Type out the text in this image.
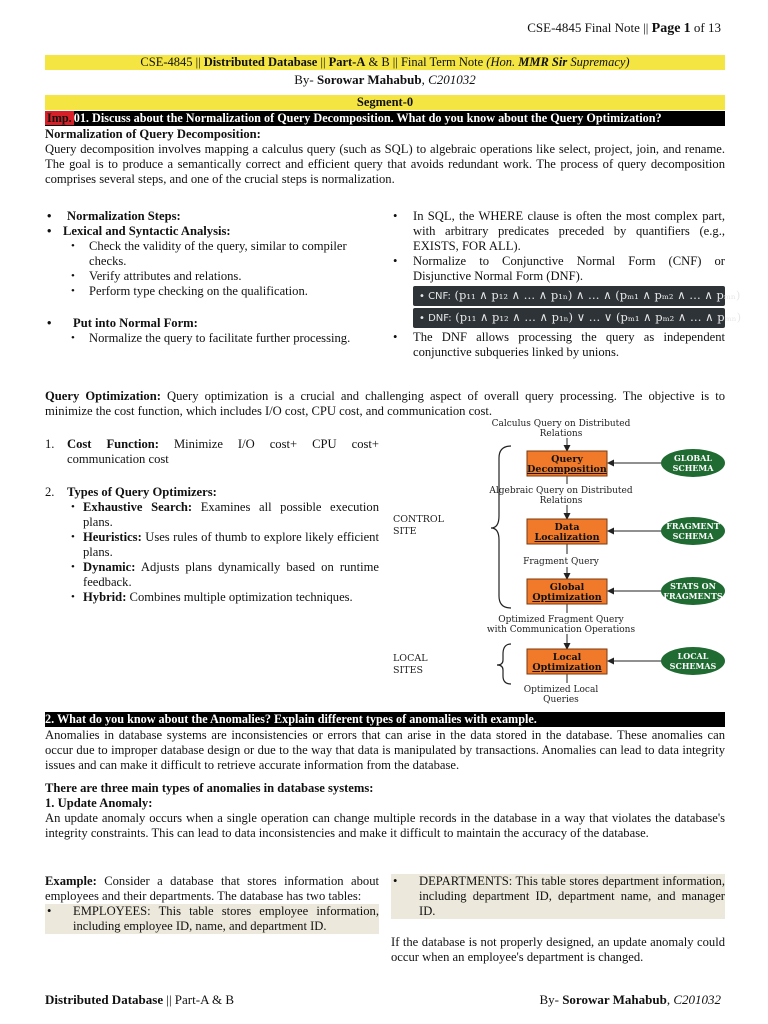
CSE-4845 Final Note || Page 1 of 13
CSE-4845 || Distributed Database || Part-A & B || Final Term Note (Hon. MMR Sir Supremacy)
By- Sorowar Mahabub, C201032
Segment-0
Imp. 01. Discuss about the Normalization of Query Decomposition. What do you know about the Query Optimization?
Normalization of Query Decomposition:
Query decomposition involves mapping a calculus query (such as SQL) to algebraic operations like select, project, join, and rename. The goal is to produce a semantically correct and efficient query that avoids redundant work. The process of query decomposition comprises several steps, and one of the crucial steps is normalization.
• Normalization Steps:
• Lexical and Syntactic Analysis:
• Check the validity of the query, similar to compiler checks.
• Verify attributes and relations.
• Perform type checking on the qualification.
• Put into Normal Form:
• Normalize the query to facilitate further processing.
• In SQL, the WHERE clause is often the most complex part, with arbitrary predicates preceded by quantifiers (e.g., EXISTS, FOR ALL).
• Normalize to Conjunctive Normal Form (CNF) or Disjunctive Normal Form (DNF).
• CNF: (p₁₁ ∧ p₁₂ ∧ … ∧ p₁ₙ) ∧ … ∧ (pₘ₁ ∧ pₘ₂ ∧ … ∧ pₘₙ)
• DNF: (p₁₁ ∧ p₁₂ ∧ … ∧ p₁ₙ) ∨ … ∨ (pₘ₁ ∧ pₘ₂ ∧ … ∧ pₘₙ)
• The DNF allows processing the query as independent conjunctive subqueries linked by unions.
Query Optimization: Query optimization is a crucial and challenging aspect of overall query processing. The objective is to minimize the cost function, which includes I/O cost, CPU cost, and communication cost.
1. Cost Function: Minimize I/O cost+ CPU cost+ communication cost
2. Types of Query Optimizers:
• Exhaustive Search: Examines all possible execution plans.
• Heuristics: Uses rules of thumb to explore likely efficient plans.
• Dynamic: Adjusts plans dynamically based on runtime feedback.
• Hybrid: Combines multiple optimization techniques.
Calculus Query on Distributed
Relations
Algebraic Query on Distributed
Relations
Fragment Query
Optimized Fragment Query
with Communication Operations
Optimized Local
Queries
Query
Decomposition
Data
Localization
Global
Optimization
Local
Optimization
GLOBAL
SCHEMA
FRAGMENT
SCHEMA
STATS ON
FRAGMENTS
LOCAL
SCHEMAS
CONTROL
SITE
LOCAL
SITES
2. What do you know about the Anomalies? Explain different types of anomalies with example.
Anomalies in database systems are inconsistencies or errors that can arise in the data stored in the database. These anomalies can occur due to improper database design or due to the way that data is manipulated by transactions. Anomalies can lead to data integrity issues and can make it difficult to retrieve accurate information from the database.
There are three main types of anomalies in database systems:
1. Update Anomaly:
An update anomaly occurs when a single operation can change multiple records in the database in a way that violates the database's integrity constraints. This can lead to data inconsistencies and make it difficult to maintain the accuracy of the database.
Example: Consider a database that stores information about employees and their departments. The database has two tables:
• EMPLOYEES: This table stores employee information, including employee ID, name, and department ID.
• DEPARTMENTS: This table stores department information, including department ID, department name, and manager ID.
If the database is not properly designed, an update anomaly could occur when an employee's department is changed.
Distributed Database || Part-A & B	By- Sorowar Mahabub, C201032
